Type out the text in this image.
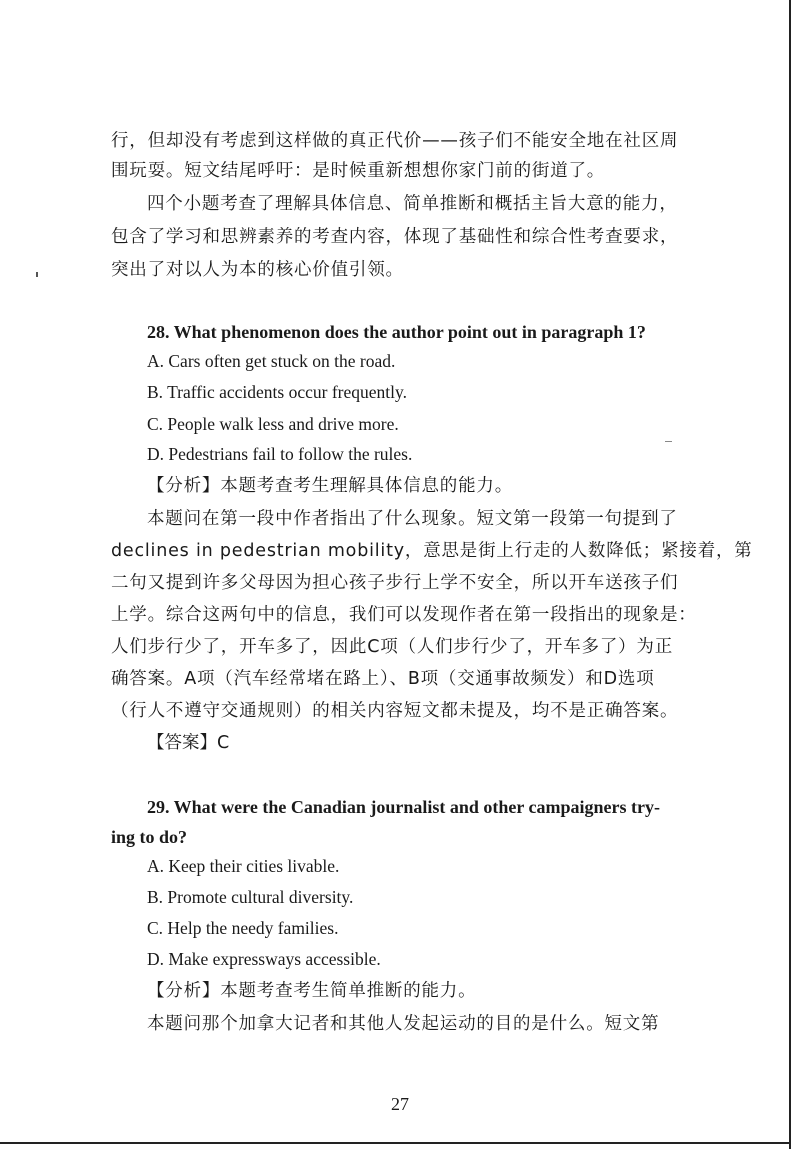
行，但却没有考虑到这样做的真正代价——孩子们不能安全地在社区周
围玩耍。短文结尾呼吁：是时候重新想想你家门前的街道了。
四个小题考查了理解具体信息、简单推断和概括主旨大意的能力，
包含了学习和思辨素养的考查内容，体现了基础性和综合性考查要求，
突出了对以人为本的核心价值引领。
28. What phenomenon does the author point out in paragraph 1?
A. Cars often get stuck on the road.
B. Traffic accidents occur frequently.
C. People walk less and drive more.
D. Pedestrians fail to follow the rules.
【分析】本题考查考生理解具体信息的能力。
本题问在第一段中作者指出了什么现象。短文第一段第一句提到了
declines in pedestrian mobility，意思是街上行走的人数降低；紧接着，第
二句又提到许多父母因为担心孩子步行上学不安全，所以开车送孩子们
上学。综合这两句中的信息，我们可以发现作者在第一段指出的现象是：
人们步行少了，开车多了，因此C项（人们步行少了，开车多了）为正
确答案。A项（汽车经常堵在路上）、B项（交通事故频发）和D选项
（行人不遵守交通规则）的相关内容短文都未提及，均不是正确答案。
【答案】C
29. What were the Canadian journalist and other campaigners try-
ing to do?
A. Keep their cities livable.
B. Promote cultural diversity.
C. Help the needy families.
D. Make expressways accessible.
【分析】本题考查考生简单推断的能力。
本题问那个加拿大记者和其他人发起运动的目的是什么。短文第
27
